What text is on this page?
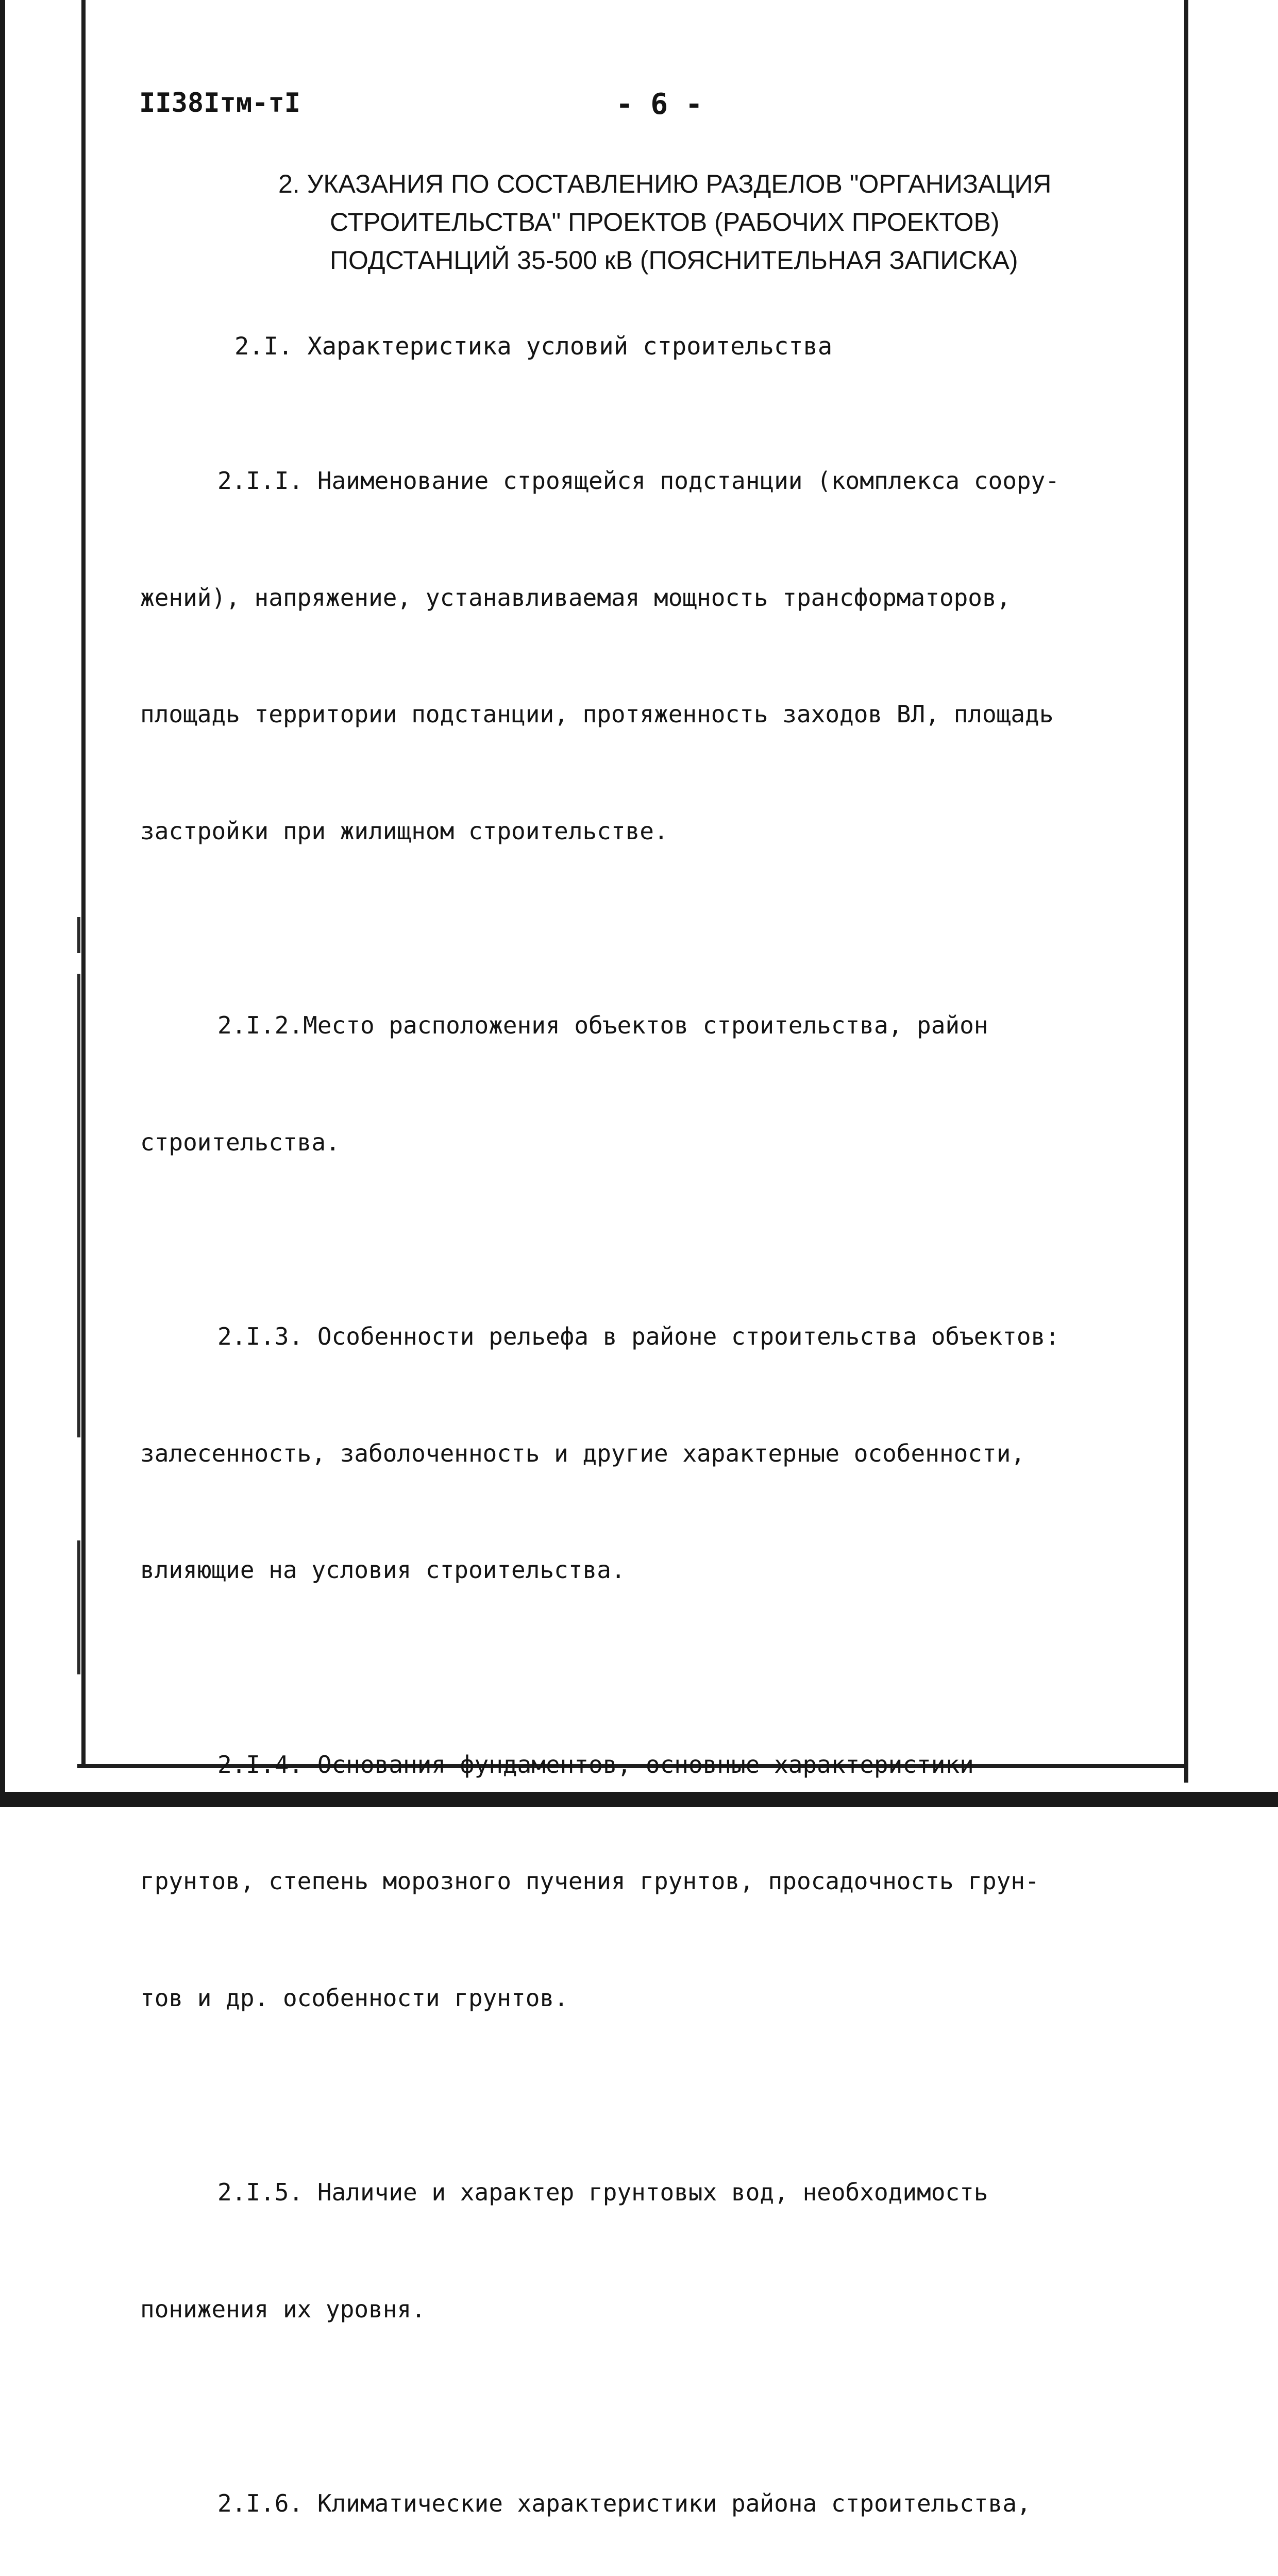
II38Iтм-тI	- 6 -
2. УКАЗАНИЯ ПО СОСТАВЛЕНИЮ РАЗДЕЛОВ "ОРГАНИЗАЦИЯ
СТРОИТЕЛЬСТВА" ПРОЕКТОВ (РАБОЧИХ ПРОЕКТОВ)
ПОДСТАНЦИЙ 35-500 кВ (ПОЯСНИТЕЛЬНАЯ ЗАПИСКА)
2.I. Характеристика условий строительства

2.I.I. Наименование строящейся подстанции (комплекса соору-

жений), напряжение, устанавливаемая мощность трансформаторов,

площадь территории подстанции, протяженность заходов ВЛ, площадь

застройки при жилищном строительстве.

2.I.2.Место расположения объектов строительства, район

строительства.

2.I.3. Особенности рельефа в районе строительства объектов:

залесенность, заболоченность и другие характерные особенности,

влияющие на условия строительства.

2.I.4. Основания фундаментов, основные характеристики

грунтов, степень морозного пучения грунтов, просадочность грун-

тов и др. особенности грунтов.

2.I.5. Наличие и характер грунтовых вод, необходимость

понижения их уровня.

2.I.6. Климатические характеристики района строительства,
